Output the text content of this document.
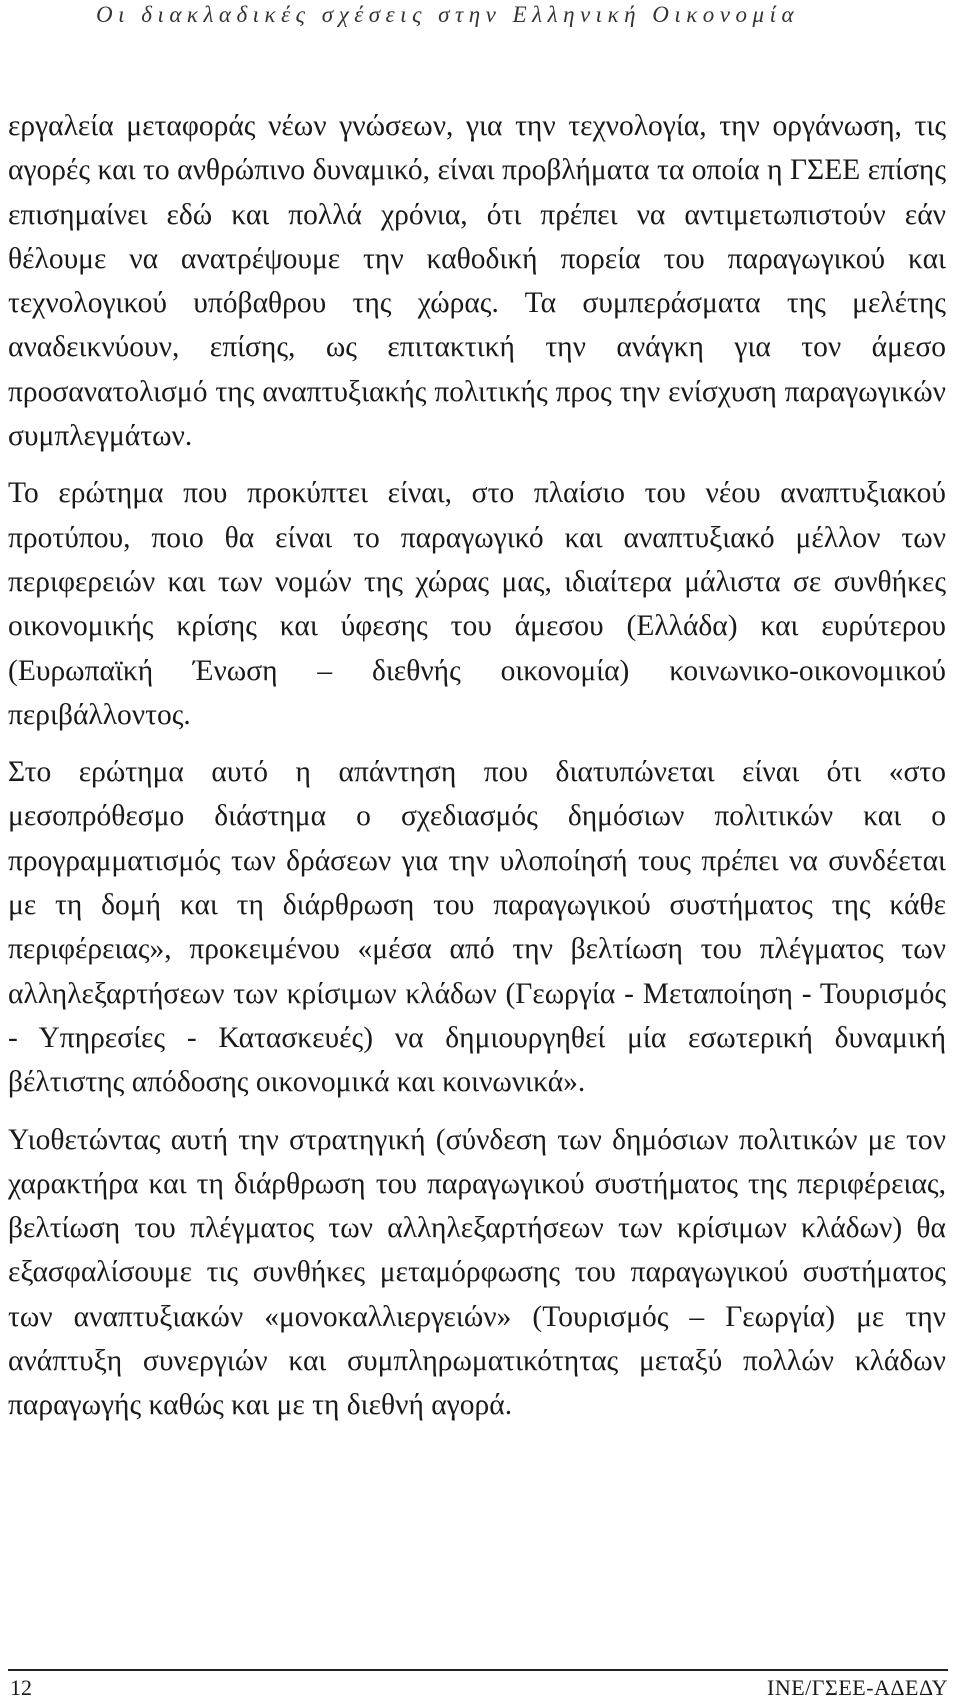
Οι διακλαδικές σχέσεις στην Ελληνική Οικονομία

εργαλεία μεταφοράς νέων γνώσεων, για την τεχνολογία, την οργάνωση, τις αγορές και το ανθρώπινο δυναμικό, είναι προβλήματα τα οποία η ΓΣΕΕ επίσης επισημαίνει εδώ και πολλά χρόνια, ότι πρέπει να αντιμετωπιστούν εάν θέλουμε να ανατρέψουμε την καθοδική πορεία του παραγωγικού και τεχνολογικού υπόβαθρου της χώρας. Τα συμπεράσματα της μελέτης αναδεικνύουν, επίσης, ως επιτακτική την ανάγκη για τον άμεσο προσανατολισμό της αναπτυξιακής πολιτικής προς την ενίσχυση παραγωγικών συμπλεγμάτων.

Το ερώτημα που προκύπτει είναι, στο πλαίσιο του νέου αναπτυξιακού προτύπου, ποιο θα είναι το παραγωγικό και αναπτυξιακό μέλλον των περιφερειών και των νομών της χώρας μας, ιδιαίτερα μάλιστα σε συνθήκες οικονομικής κρίσης και ύφεσης του άμεσου (Ελλάδα) και ευρύτερου (Ευρωπαϊκή Ένωση – διεθνής οικονομία) κοινωνικο-οικονομικού περιβάλλοντος.

Στο ερώτημα αυτό η απάντηση που διατυπώνεται είναι ότι «στο μεσοπρόθεσμο διάστημα ο σχεδιασμός δημόσιων πολιτικών και ο προγραμματισμός των δράσεων για την υλοποίησή τους πρέπει να συνδέεται με τη δομή και τη διάρθρωση του παραγωγικού συστήματος της κάθε περιφέρειας», προκειμένου «μέσα από την βελτίωση του πλέγματος των αλληλεξαρτήσεων των κρίσιμων κλάδων (Γεωργία - Μεταποίηση - Τουρισμός - Υπηρεσίες - Κατασκευές) να δημιουργηθεί μία εσωτερική δυναμική βέλτιστης απόδοσης οικονομικά και κοινωνικά».

Υιοθετώντας αυτή την στρατηγική (σύνδεση των δημόσιων πολιτικών με τον χαρακτήρα και τη διάρθρωση του παραγωγικού συστήματος της περιφέρειας, βελτίωση του πλέγματος των αλληλεξαρτήσεων των κρίσιμων κλάδων) θα εξασφαλίσουμε τις συνθήκες μεταμόρφωσης του παραγωγικού συστήματος των αναπτυξιακών «μονοκαλλιεργειών» (Τουρισμός – Γεωργία) με την ανάπτυξη συνεργιών και συμπληρωματικότητας μεταξύ πολλών κλάδων παραγωγής καθώς και με τη διεθνή αγορά.

12	ΙΝΕ/ΓΣΕΕ-ΑΔΕΔΥ
